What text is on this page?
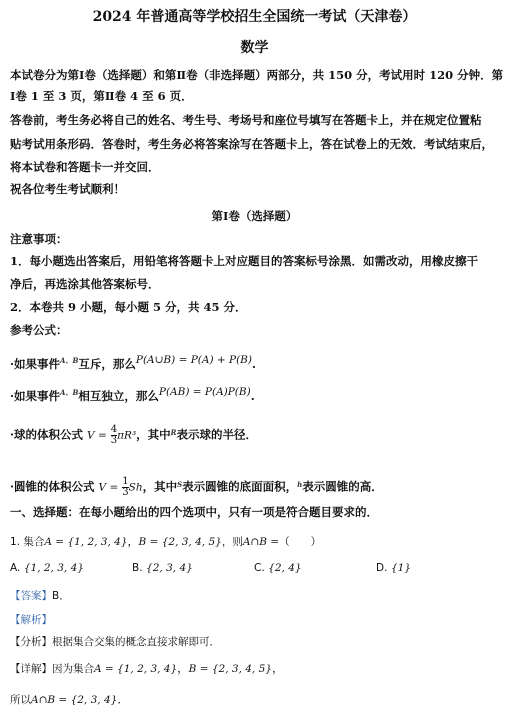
2024 年普通高等学校招生全国统一考试（天津卷）
数学
本试卷分为第Ⅰ卷（选择题）和第Ⅱ卷（非选择题）两部分，共 150 分，考试用时 120 分钟．第
Ⅰ卷 1 至 3 页，第Ⅱ卷 4 至 6 页．
答卷前，考生务必将自己的姓名、考生号、考场号和座位号填写在答题卡上，并在规定位置粘
贴考试用条形码．答卷时，考生务必将答案涂写在答题卡上，答在试卷上的无效．考试结束后，
将本试卷和答题卡一并交回．
祝各位考生考试顺利！
第Ⅰ卷（选择题）
注意事项：
1．每小题选出答案后，用铅笔将答题卡上对应题目的答案标号涂黑．如需改动，用橡皮擦干
净后，再选涂其他答案标号．
2．本卷共 9 小题，每小题 5 分，共 45 分．
参考公式：
·如果事件$^{A、B}$互斥，那么P(A∪B) = P(A) + P(B).
·如果事件$^{A、B}$相互独立，那么P(AB) = P(A)P(B).
·球的体积公式 $V = \frac{4}{3} \pi R^3$，其中$^R$表示球的半径．
·圆锥的体积公式 $V = \frac{1}{3}$ Sh，其中$^S$表示圆锥的底面面积，$^h$表示圆锥的高．
一、选择题：在每小题给出的四个选项中，只有一项是符合题目要求的．
1. 集合A = {1, 2, 3, 4}，B = {2, 3, 4, 5}，则A∩B =（　　）
A. {1, 2, 3, 4}	B. {2, 3, 4}	C. {2, 4}	D. {1}
【答案】B．
【解析】
【分析】根据集合交集的概念直接求解即可．
【详解】因为集合A = {1, 2, 3, 4}，B = {2, 3, 4, 5}，
所以A∩B = {2, 3, 4}．
